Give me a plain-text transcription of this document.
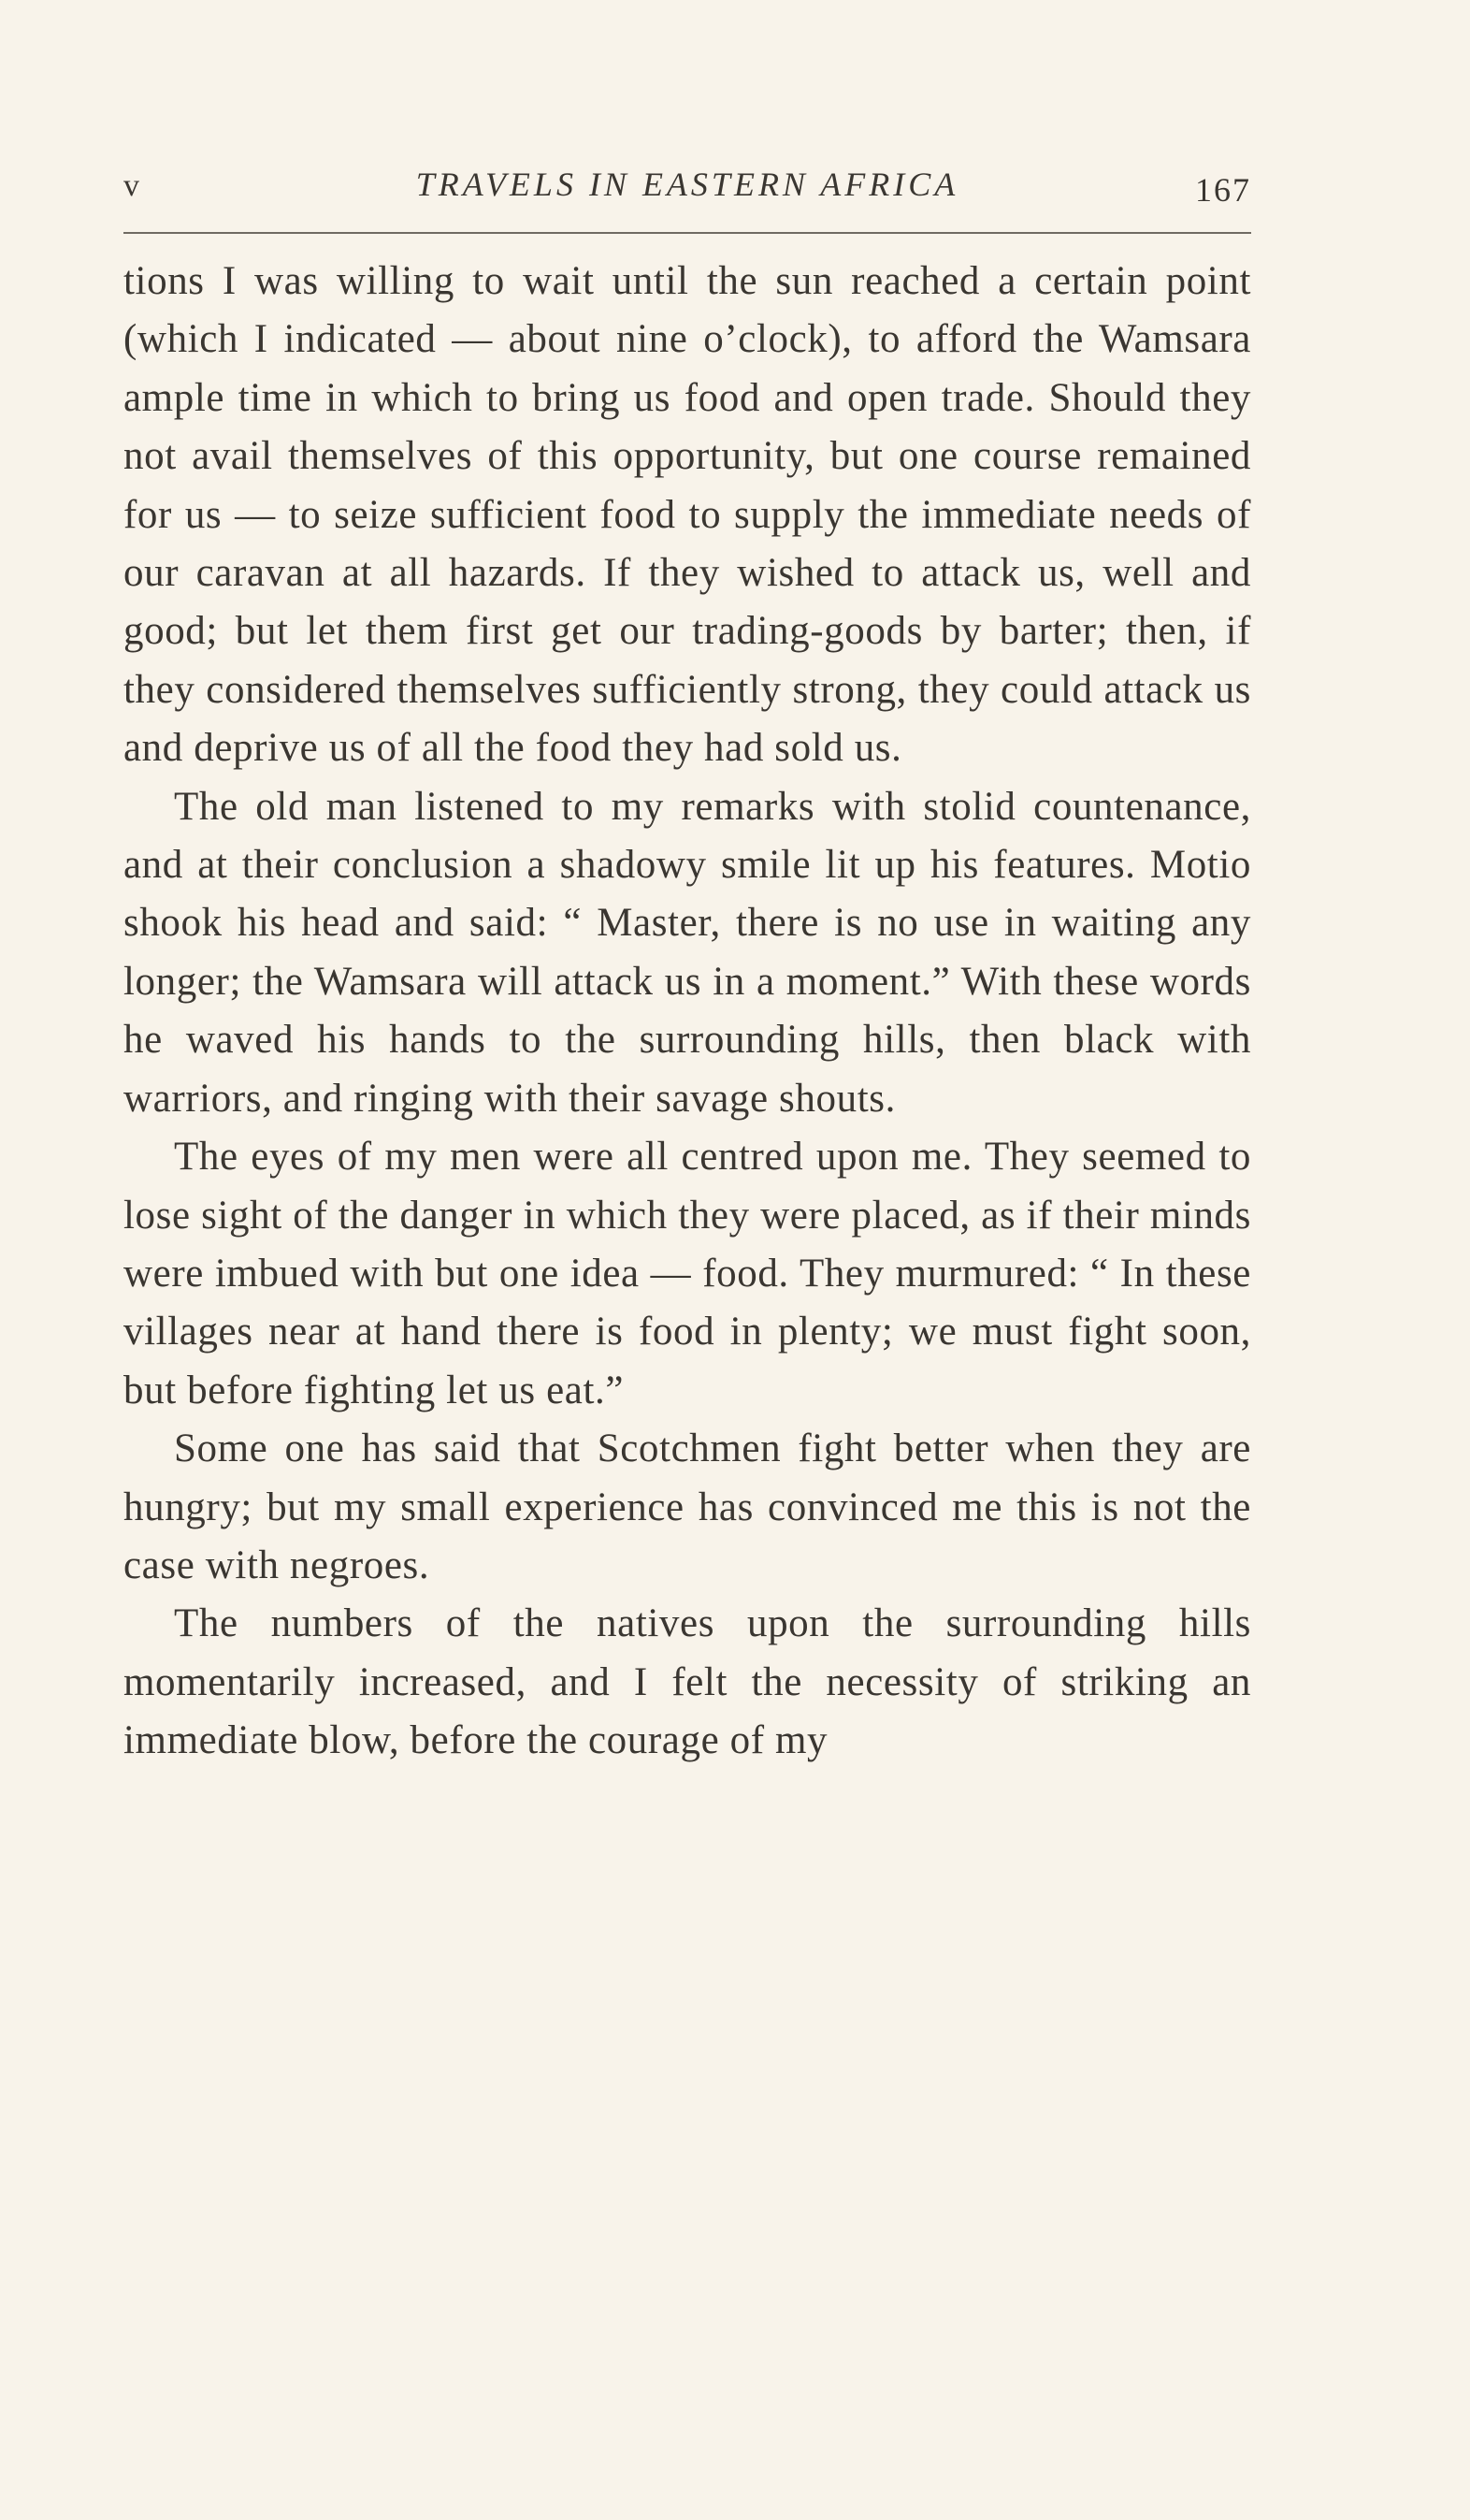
v	TRAVELS IN EASTERN AFRICA	167

tions I was willing to wait until the sun reached a certain point (which I indicated — about nine o’clock), to afford the Wamsara ample time in which to bring us food and open trade. Should they not avail themselves of this opportunity, but one course remained for us — to seize sufficient food to supply the immediate needs of our caravan at all hazards. If they wished to attack us, well and good; but let them first get our trading-goods by barter; then, if they considered themselves sufficiently strong, they could attack us and deprive us of all the food they had sold us.

The old man listened to my remarks with stolid countenance, and at their conclusion a shadowy smile lit up his features. Motio shook his head and said: “ Master, there is no use in waiting any longer; the Wamsara will attack us in a moment.” With these words he waved his hands to the surrounding hills, then black with warriors, and ringing with their savage shouts.

The eyes of my men were all centred upon me. They seemed to lose sight of the danger in which they were placed, as if their minds were imbued with but one idea — food. They murmured: “ In these villages near at hand there is food in plenty; we must fight soon, but before fighting let us eat.”

Some one has said that Scotchmen fight better when they are hungry; but my small experience has convinced me this is not the case with negroes.

The numbers of the natives upon the surrounding hills momentarily increased, and I felt the necessity of striking an immediate blow, before the courage of my
